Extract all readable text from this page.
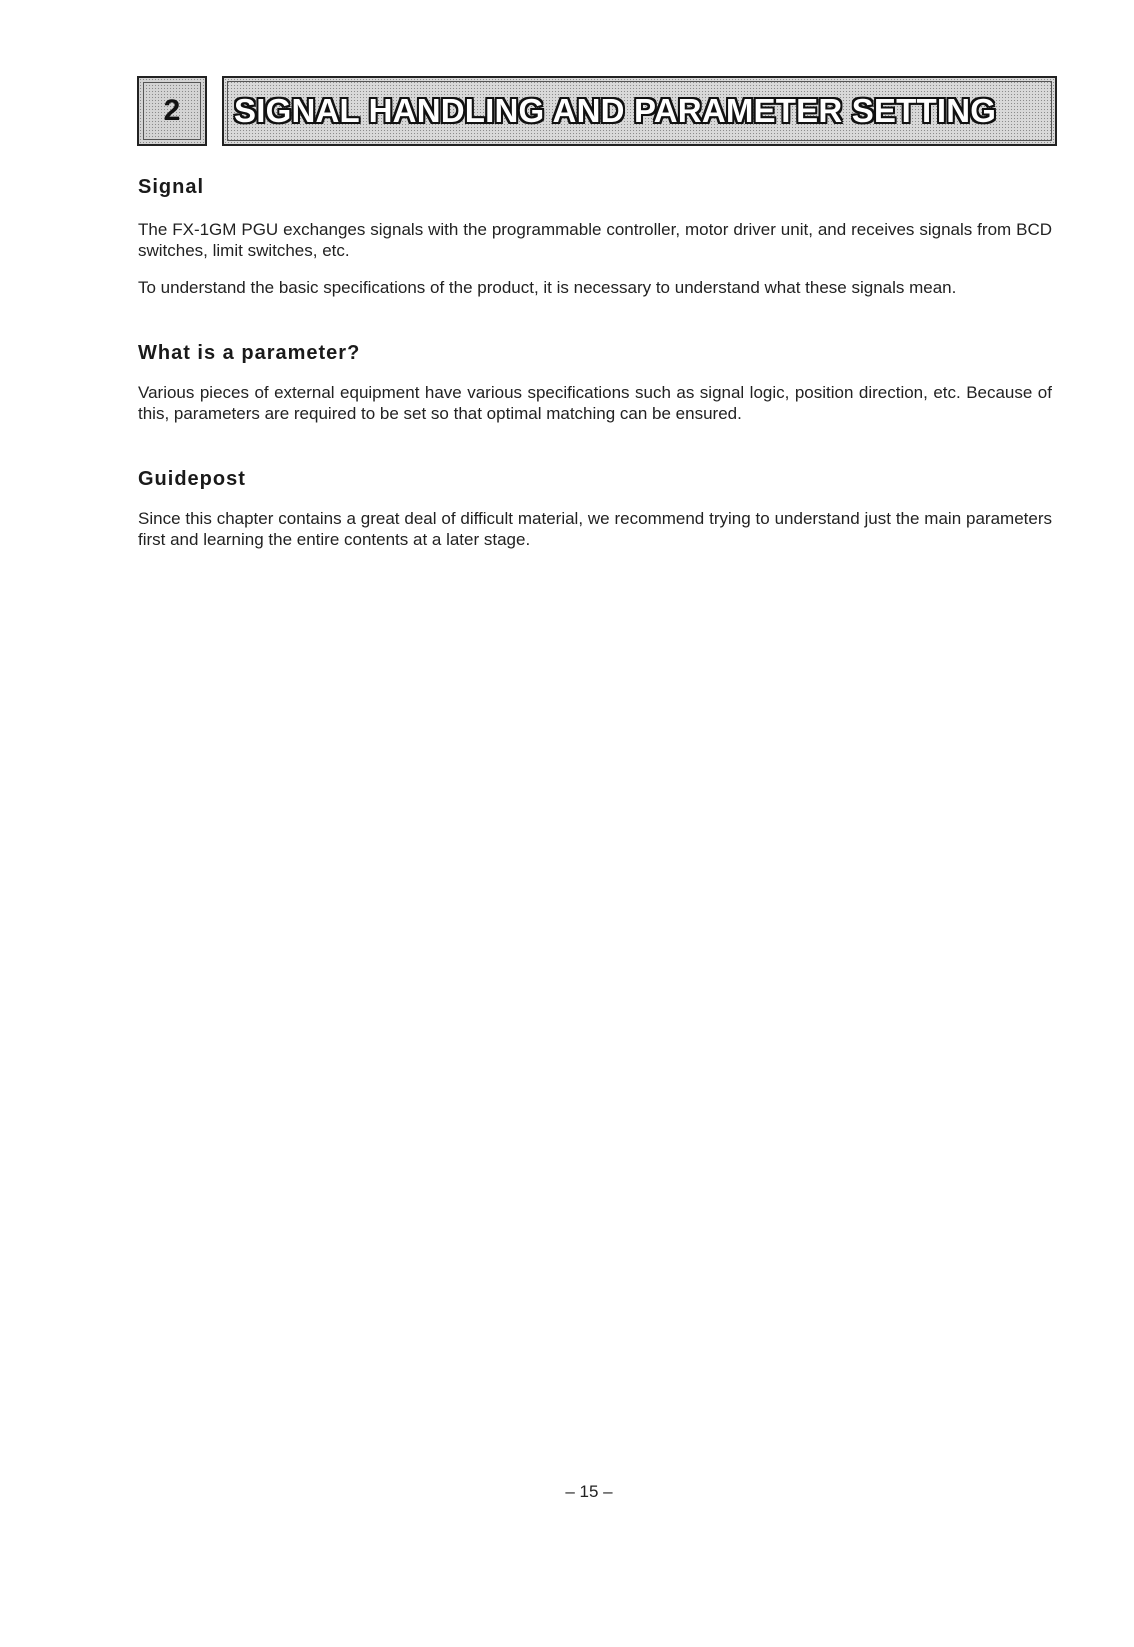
2 SIGNAL HANDLING AND PARAMETER SETTING
Signal

The FX-1GM PGU exchanges signals with the programmable controller, motor driver unit, and receives signals from BCD switches, limit switches, etc.

To understand the basic specifications of the product, it is necessary to understand what these signals mean.

What is a parameter?

Various pieces of external equipment have various specifications such as signal logic, position direction, etc. Because of this, parameters are required to be set so that optimal matching can be ensured.

Guidepost

Since this chapter contains a great deal of difficult material, we recommend trying to understand just the main parameters first and learning the entire contents at a later stage.

– 15 –
